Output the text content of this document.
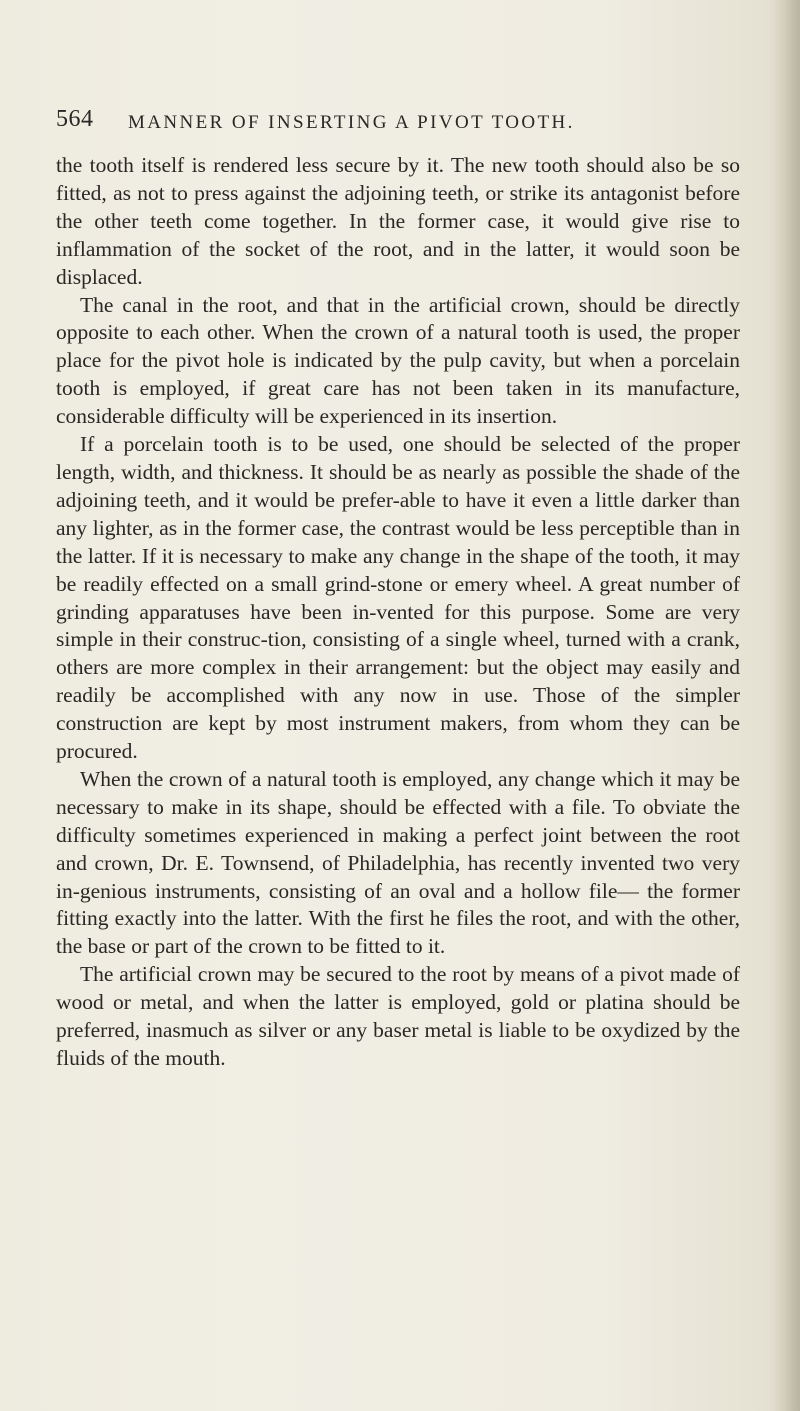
564 MANNER OF INSERTING A PIVOT TOOTH.

the tooth itself is rendered less secure by it. The new tooth should also be so fitted, as not to press against the adjoining teeth, or strike its antagonist before the other teeth come together. In the former case, it would give rise to inflammation of the socket of the root, and in the latter, it would soon be displaced.

The canal in the root, and that in the artificial crown, should be directly opposite to each other. When the crown of a natural tooth is used, the proper place for the pivot hole is indicated by the pulp cavity, but when a porcelain tooth is employed, if great care has not been taken in its manufacture, considerable difficulty will be experienced in its insertion.

If a porcelain tooth is to be used, one should be selected of the proper length, width, and thickness. It should be as nearly as possible the shade of the adjoining teeth, and it would be prefer-able to have it even a little darker than any lighter, as in the former case, the contrast would be less perceptible than in the latter. If it is necessary to make any change in the shape of the tooth, it may be readily effected on a small grind-stone or emery wheel. A great number of grinding apparatuses have been in-vented for this purpose. Some are very simple in their construc-tion, consisting of a single wheel, turned with a crank, others are more complex in their arrangement: but the object may easily and readily be accomplished with any now in use. Those of the simpler construction are kept by most instrument makers, from whom they can be procured.

When the crown of a natural tooth is employed, any change which it may be necessary to make in its shape, should be effected with a file. To obviate the difficulty sometimes experienced in making a perfect joint between the root and crown, Dr. E. Townsend, of Philadelphia, has recently invented two very in-genious instruments, consisting of an oval and a hollow file— the former fitting exactly into the latter. With the first he files the root, and with the other, the base or part of the crown to be fitted to it.

The artificial crown may be secured to the root by means of a pivot made of wood or metal, and when the latter is employed, gold or platina should be preferred, inasmuch as silver or any baser metal is liable to be oxydized by the fluids of the mouth.
